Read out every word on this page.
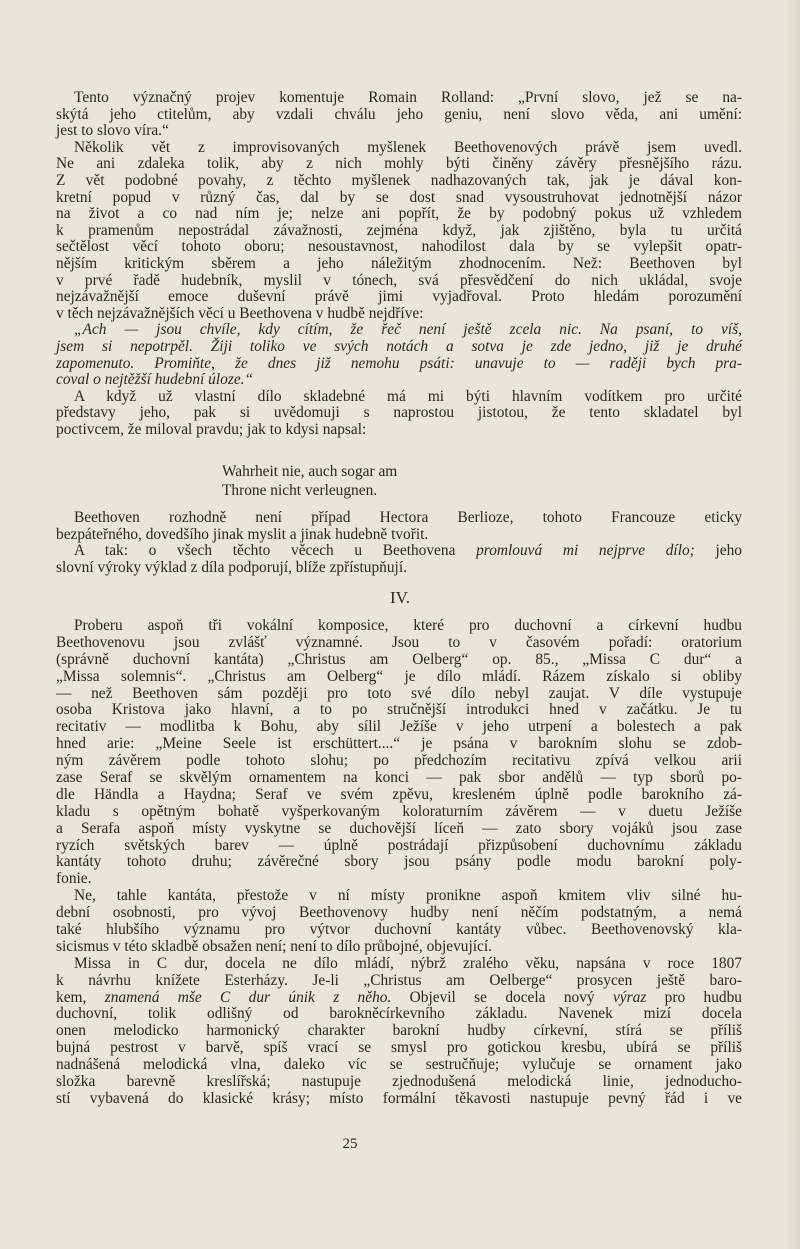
Tento význačný projev komentuje Romain Rolland: „První slovo, jež se na-
skýtá jeho ctitelům, aby vzdali chválu jeho geniu, není slovo věda, ani umění:
jest to slovo víra.“
Několik vět z improvisovaných myšlenek Beethovenových právě jsem uvedl.
Ne ani zdaleka tolik, aby z nich mohly býti činěny závěry přesnějšího rázu.
Z vět podobné povahy, z těchto myšlenek nadhazovaných tak, jak je dával kon-
kretní popud v různý čas, dal by se dost snad vysoustruhovat jednotnější názor
na život a co nad ním je; nelze ani popřít, že by podobný pokus už vzhledem
k pramenům nepostrádal závažnosti, zejména když, jak zjištěno, byla tu určitá
sečtělost věcí tohoto oboru; nesoustavnost, nahodilost dala by se vylepšit opatr-
nějším kritickým sběrem a jeho náležitým zhodnocením. Než: Beethoven byl
v prvé řadě hudebník, myslil v tónech, svá přesvědčení do nich ukládal, svoje
nejzávažnější emoce duševní právě jimi vyjadřoval. Proto hledám porozumění
v těch nejzávažnějších věcí u Beethovena v hudbě nejdříve:
„Ach — jsou chvíle, kdy cítím, že řeč není ještě zcela nic. Na psaní, to víš,
jsem si nepotrpěl. Žiji toliko ve svých notách a sotva je zde jedno, již je druhé
zapomenuto. Promiňte, že dnes již nemohu psáti: unavuje to — raději bych pra-
coval o nejtěžší hudební úloze.“
A když už vlastní dílo skladebné má mi býti hlavním vodítkem pro určité
představy jeho, pak si uvědomuji s naprostou jistotou, že tento skladatel byl
poctivcem, že miloval pravdu; jak to kdysi napsal:
Wahrheit nie, auch sogar am
Throne nicht verleugnen.
Beethoven rozhodně není případ Hectora Berlioze, tohoto Francouze eticky
bezpáteřného, dovedšího jinak myslit a jinak hudebně tvořit.
A tak: o všech těchto věcech u Beethovena promlouvá mi nejprve dílo; jeho
slovní výroky výklad z díla podporují, blíže zpřístupňují.
IV.
Proberu aspoň tři vokální komposice, které pro duchovní a církevní hudbu
Beethovenovu jsou zvlášť významné. Jsou to v časovém pořadí: oratorium
(správně duchovní kantáta) „Christus am Oelberg“ op. 85., „Missa C dur“ a
„Missa solemnis“. „Christus am Oelberg“ je dílo mládí. Rázem získalo si obliby
— než Beethoven sám později pro toto své dílo nebyl zaujat. V díle vystupuje
osoba Kristova jako hlavní, a to po stručnější introdukci hned v začátku. Je tu
recitativ — modlitba k Bohu, aby sílil Ježíše v jeho utrpení a bolestech a pak
hned arie: „Meine Seele ist erschüttert....“ je psána v barokním slohu se zdob-
ným závěrem podle tohoto slohu; po předchozím recitativu zpívá velkou arii
zase Seraf se skvělým ornamentem na konci — pak sbor andělů — typ sborů po-
dle Händla a Haydna; Seraf ve svém zpěvu, kresleném úplně podle barokního zá-
kladu s opětným bohatě vyšperkovaným koloraturním závěrem — v duetu Ježíše
a Serafa aspoň místy vyskytne se duchovější líceň — zato sbory vojáků jsou zase
ryzích světských barev — úplně postrádají přizpůsobení duchovnímu základu
kantáty tohoto druhu; závěrečné sbory jsou psány podle modu barokní poly-
fonie.
Ne, tahle kantáta, přestože v ní místy pronikne aspoň kmitem vliv silné hu-
dební osobnosti, pro vývoj Beethovenovy hudby není něčím podstatným, a nemá
také hlubšího významu pro výtvor duchovní kantáty vůbec. Beethovenovský kla-
sicismus v této skladbě obsažen není; není to dílo průbojné, objevující.
Missa in C dur, docela ne dílo mládí, nýbrž zralého věku, napsána v roce 1807
k návrhu knížete Esterházy. Je-li „Christus am Oelberge“ prosycen ještě baro-
kem, znamená mše C dur únik z něho. Objevil se docela nový výraz pro hudbu
duchovní, tolik odlišný od barokněcírkevního základu. Navenek mizí docela
onen melodicko harmonický charakter barokní hudby církevní, stírá se příliš
bujná pestrost v barvě, spíš vrací se smysl pro gotickou kresbu, ubírá se příliš
nadnášená melodická vlna, daleko víc se sestručňuje; vylučuje se ornament jako
složka barevně kreslířská; nastupuje zjednodušená melodická linie, jednoducho-
stí vybavená do klasické krásy; místo formální těkavosti nastupuje pevný řád i ve
25
